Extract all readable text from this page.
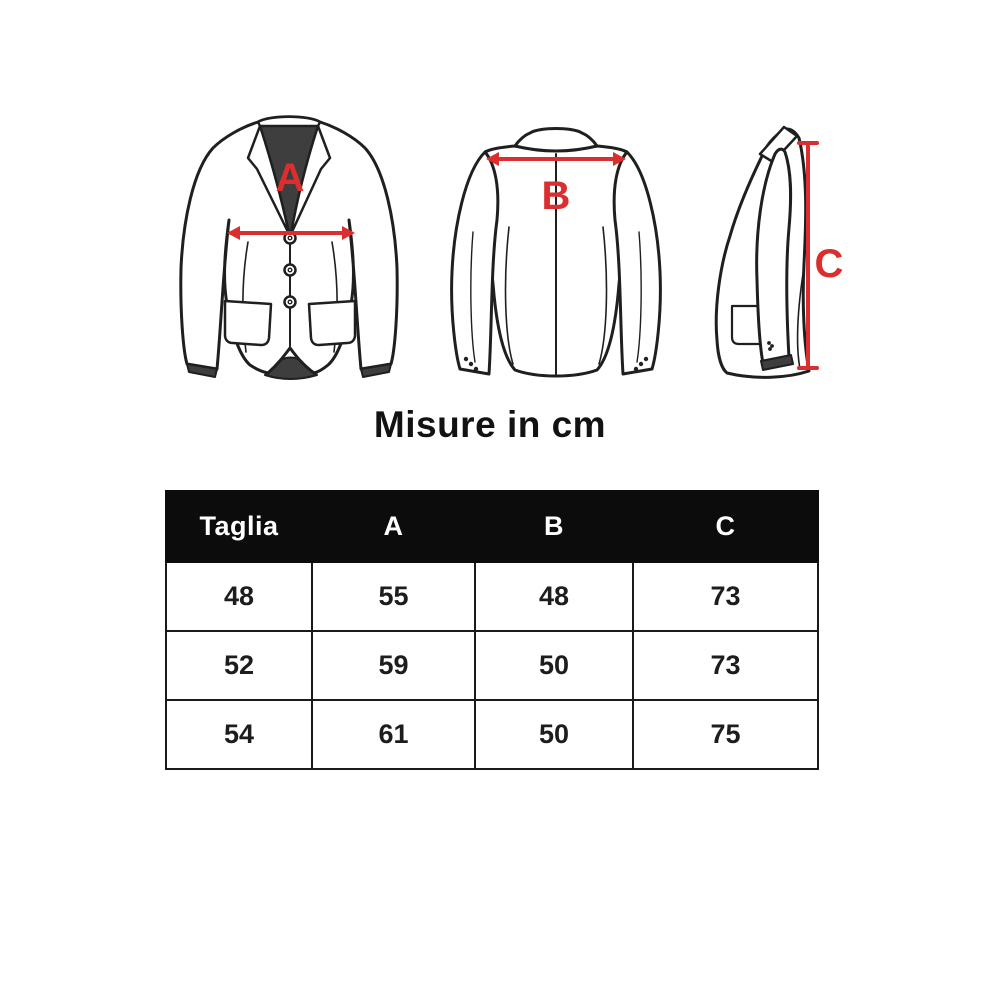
A	B
C
Misure in cm
Taglia	A	B	C
48	55	48	73
52	59	50	73
54	61	50	75
